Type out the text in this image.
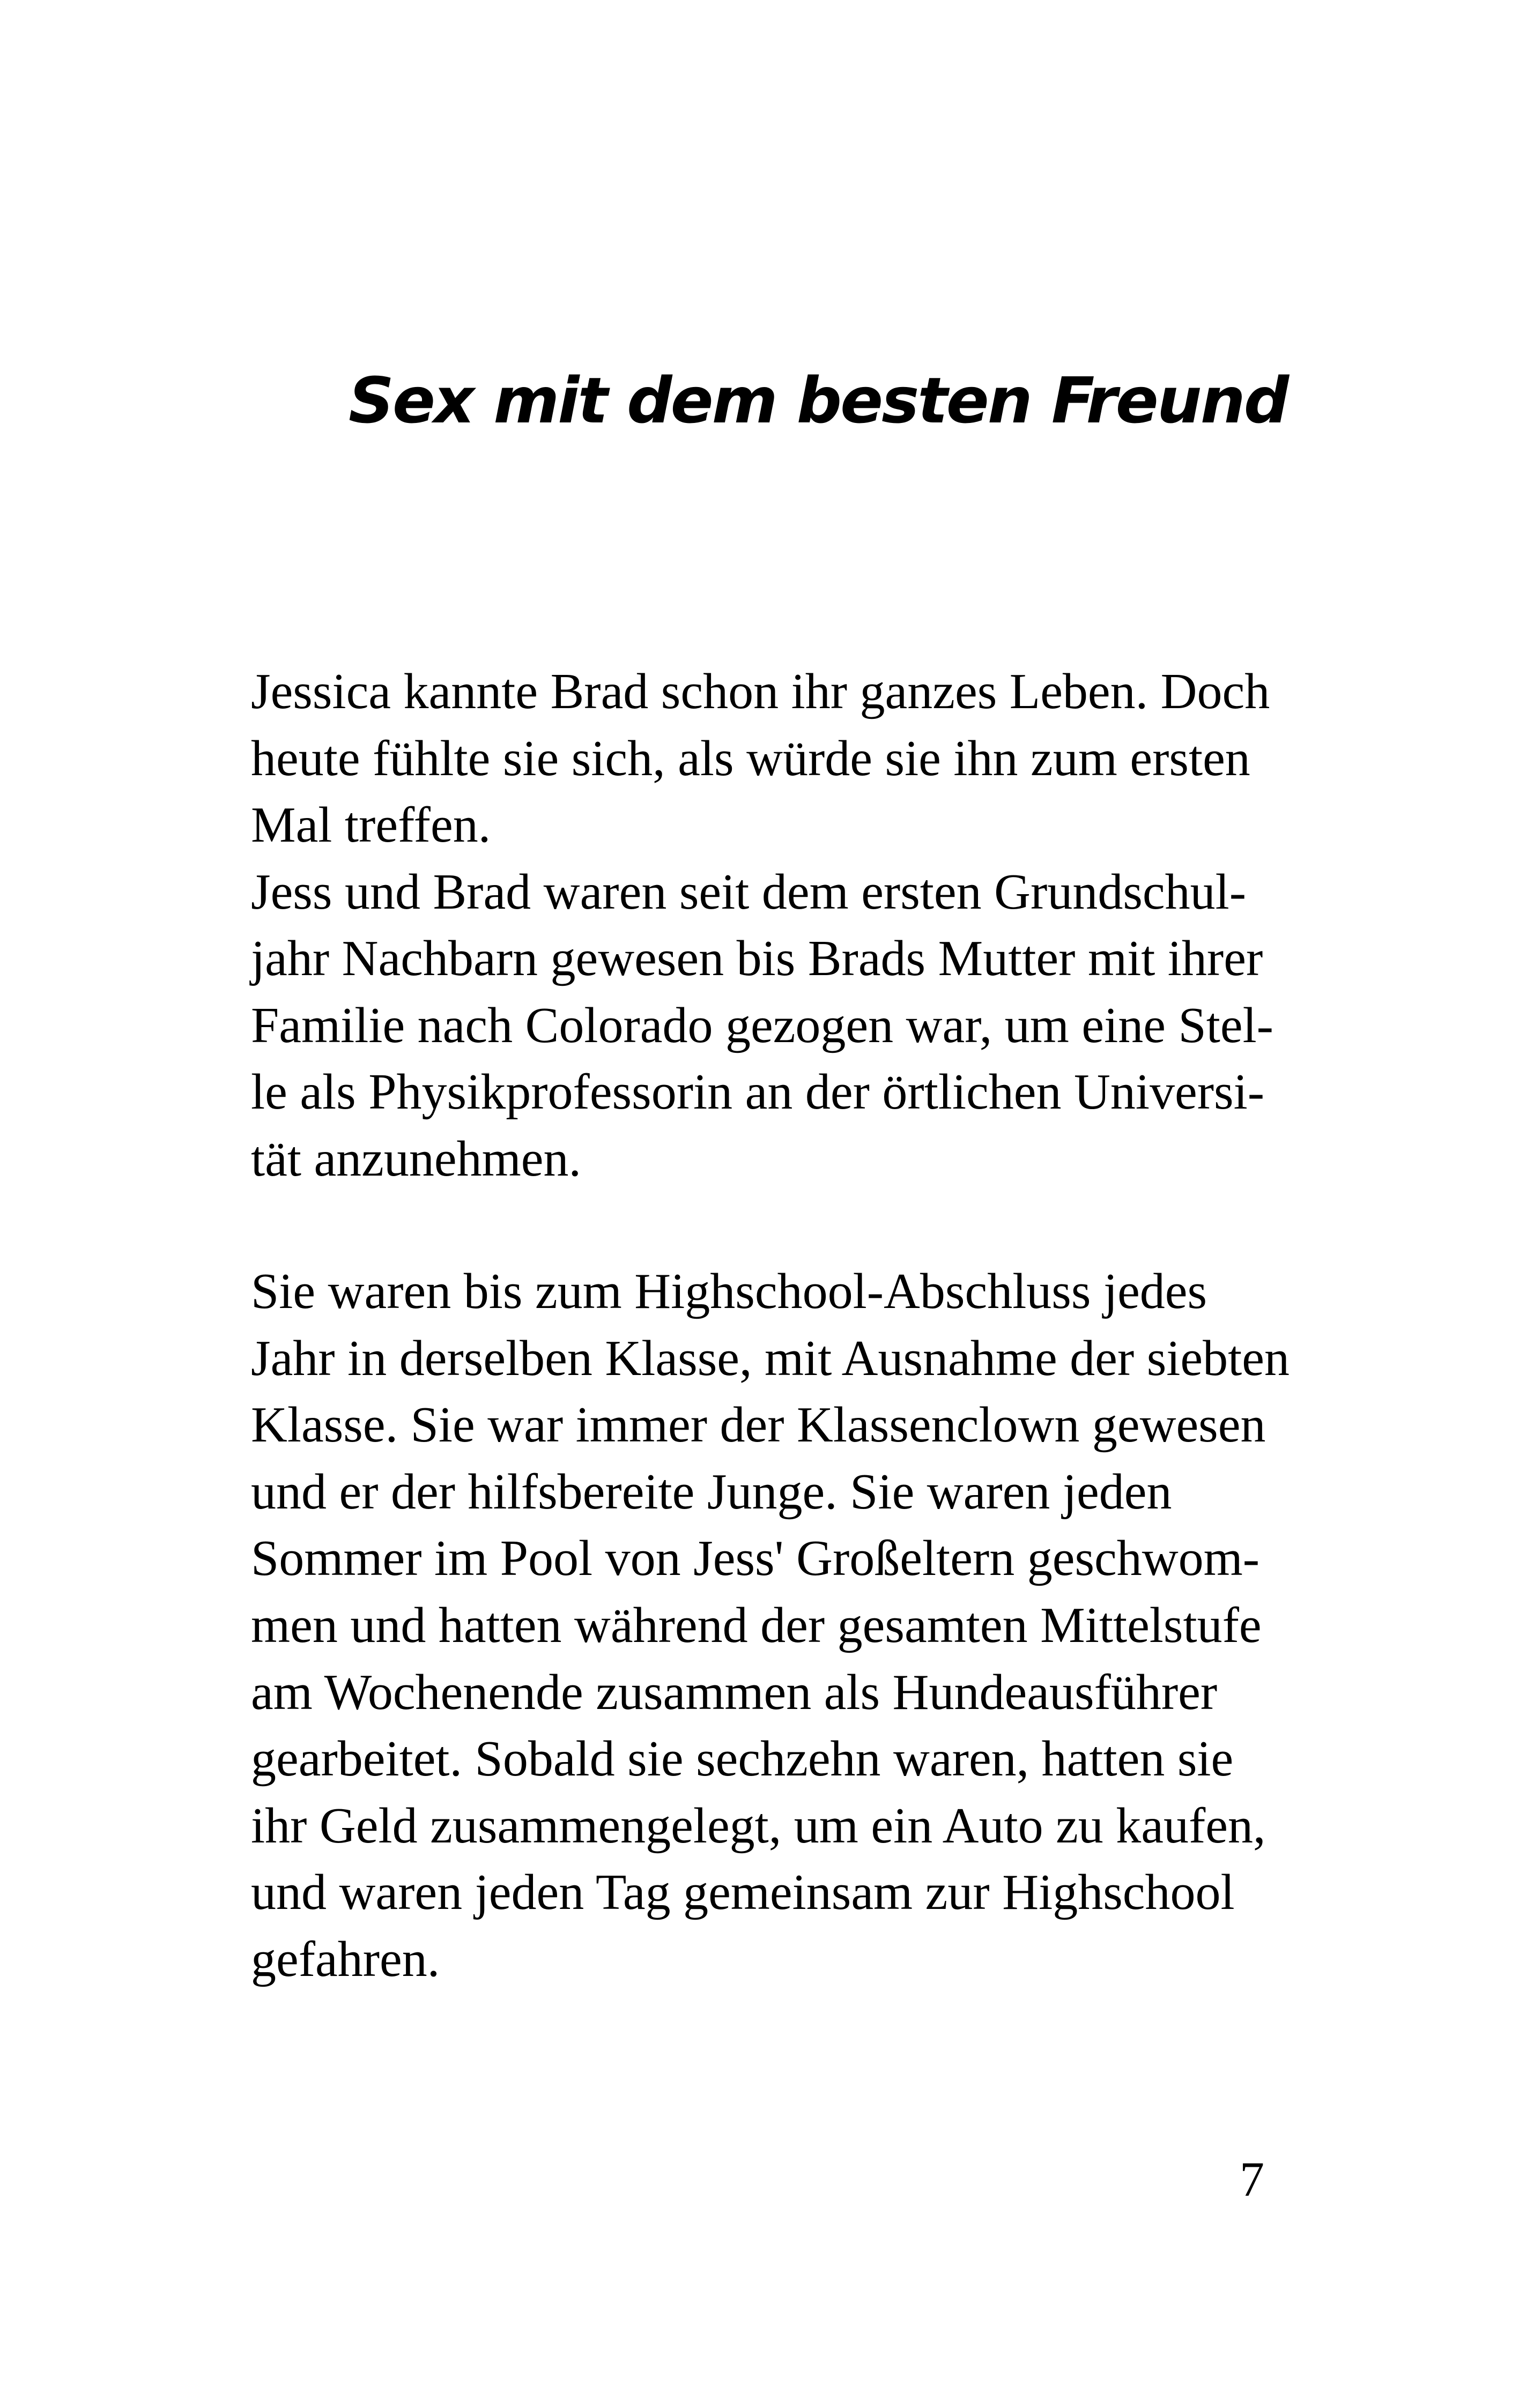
Sex mit dem besten Freund
Jessica kannte Brad schon ihr ganzes Leben. Doch
heute fühlte sie sich, als würde sie ihn zum ersten
Mal treffen.
Jess und Brad waren seit dem ersten Grundschul-
jahr Nachbarn gewesen bis Brads Mutter mit ihrer
Familie nach Colorado gezogen war, um eine Stel-
le als Physikprofessorin an der örtlichen Universi-
tät anzunehmen.
Sie waren bis zum Highschool-Abschluss jedes
Jahr in derselben Klasse, mit Ausnahme der siebten
Klasse. Sie war immer der Klassenclown gewesen
und er der hilfsbereite Junge. Sie waren jeden
Sommer im Pool von Jess' Großeltern geschwom-
men und hatten während der gesamten Mittelstufe
am Wochenende zusammen als Hundeausführer
gearbeitet. Sobald sie sechzehn waren, hatten sie
ihr Geld zusammengelegt, um ein Auto zu kaufen,
und waren jeden Tag gemeinsam zur Highschool
gefahren.
7
